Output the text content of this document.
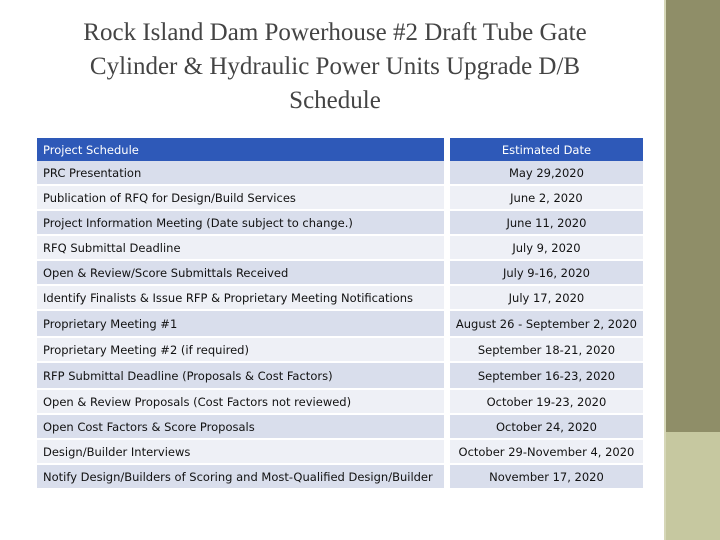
Rock Island Dam Powerhouse #2 Draft Tube Gate
Cylinder & Hydraulic Power Units Upgrade D/B
Schedule
Project Schedule		Estimated Date
PRC Presentation		May 29,2020
Publication of RFQ for Design/Build Services		June 2, 2020
Project Information Meeting (Date subject to change.)		June 11, 2020
RFQ Submittal Deadline		July 9, 2020
Open & Review/Score Submittals Received		July 9-16, 2020
Identify Finalists & Issue RFP & Proprietary Meeting Notifications		July 17, 2020
Proprietary Meeting #1		August 26 - September 2, 2020
Proprietary Meeting #2 (if required)		September 18-21, 2020
RFP Submittal Deadline (Proposals & Cost Factors)		September 16-23, 2020
Open & Review Proposals (Cost Factors not reviewed)		October 19-23, 2020
Open Cost Factors & Score Proposals		October 24, 2020
Design/Builder Interviews		October 29-November 4, 2020
Notify Design/Builders of Scoring and Most-Qualified Design/Builder		November 17, 2020
